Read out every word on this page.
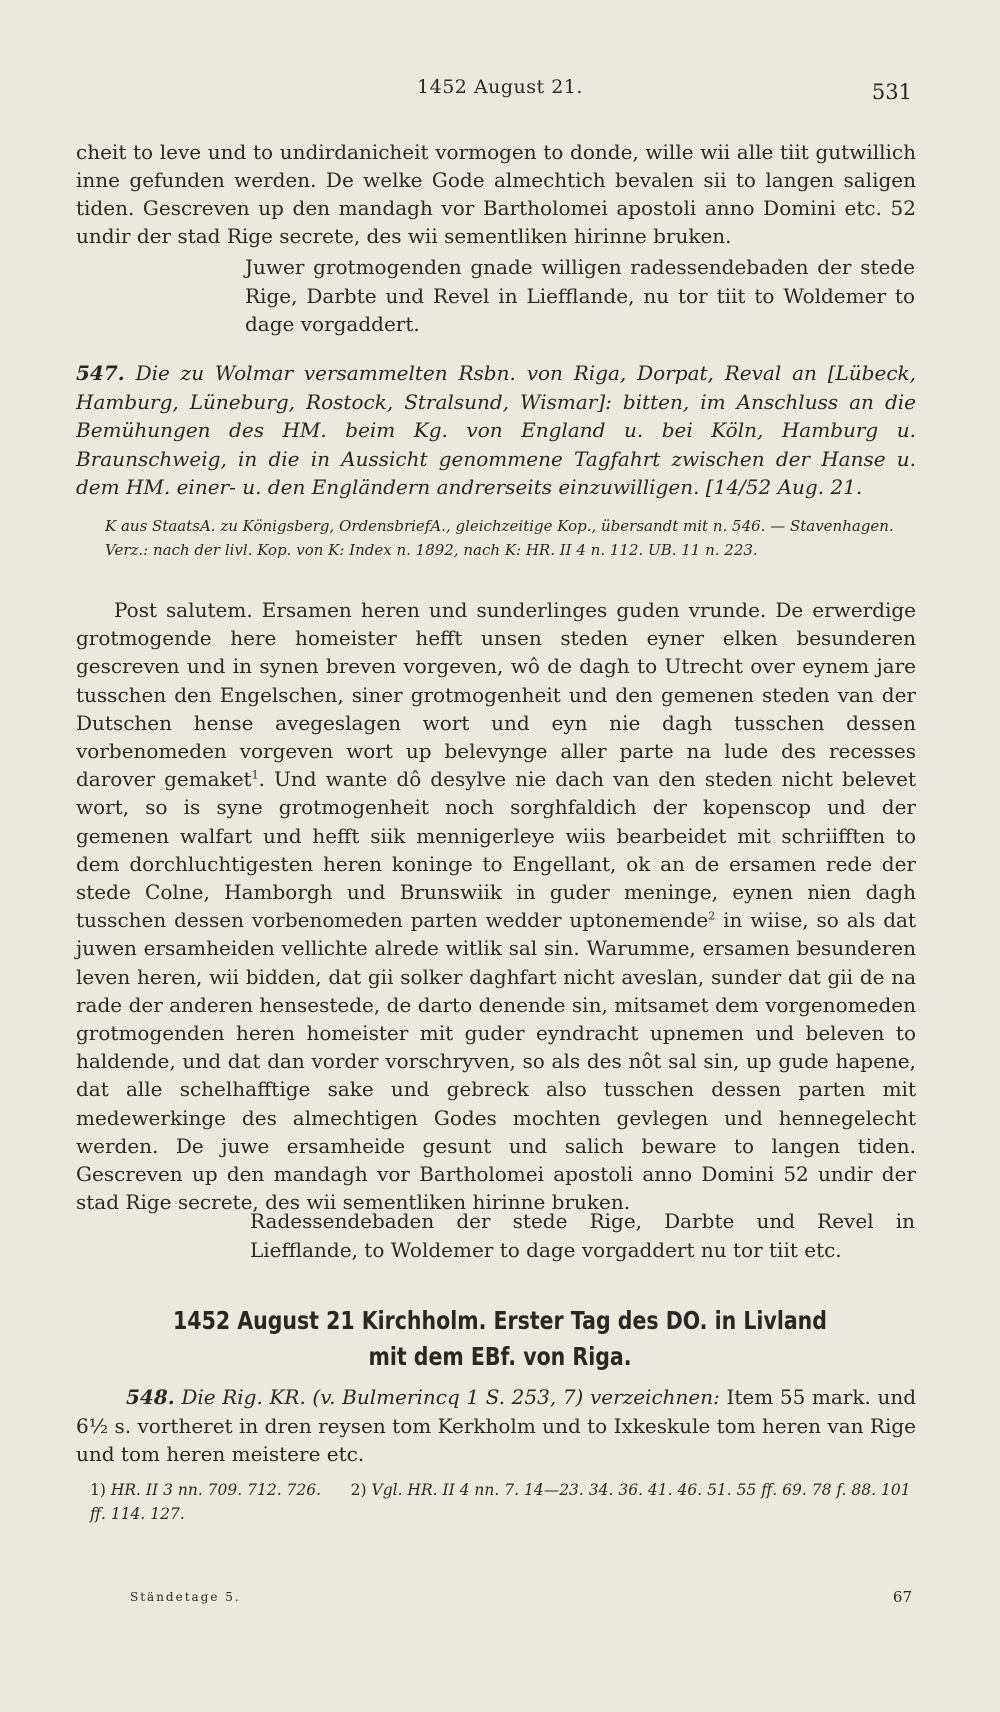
1452 August 21.	531
cheit to leve und to undirdanicheit vormogen to donde, wille wii alle tiit gutwillich inne gefunden werden. De welke Gode almechtich bevalen sii to langen saligen tiden. Gescreven up den mandagh vor Bartholomei apostoli anno Domini etc. 52 undir der stad Rige secrete, des wii sementliken hirinne bruken.
Juwer grotmogenden gnade willigen radessendebaden der stede Rige, Darbte und Revel in Liefflande, nu tor tiit to Woldemer to dage vorgaddert.
547. Die zu Wolmar versammelten Rsbn. von Riga, Dorpat, Reval an [Lübeck, Hamburg, Lüneburg, Rostock, Stralsund, Wismar]: bitten, im Anschluss an die Bemühungen des HM. beim Kg. von England u. bei Köln, Hamburg u. Braunschweig, in die in Aussicht genommene Tagfahrt zwischen der Hanse u. dem HM. einer- u. den Engländern andrerseits einzuwilligen. [14/52 Aug. 21.
K aus StaatsA. zu Königsberg, OrdensbriefA., gleichzeitige Kop., übersandt mit n. 546. — Stavenhagen. Verz.: nach der livl. Kop. von K: Index n. 1892, nach K: HR. II 4 n. 112. UB. 11 n. 223.
Post salutem. Ersamen heren und sunderlinges guden vrunde. De erwerdige grotmogende here homeister hefft unsen steden eyner elken besunderen gescreven und in synen breven vorgeven, wô de dagh to Utrecht over eynem jare tusschen den Engelschen, siner grotmogenheit und den gemenen steden van der Dutschen hense avegeslagen wort und eyn nie dagh tusschen dessen vorbenomeden vorgeven wort up belevynge aller parte na lude des recesses darover gemaket$^1$. Und wante dô desylve nie dach van den steden nicht belevet wort, so is syne grotmogenheit noch sorghfaldich der kopenscop und der gemenen walfart und hefft siik mennigerleye wiis bearbeidet mit schriifften to dem dorchluchtigesten heren koninge to Engellant, ok an de ersamen rede der stede Colne, Hamborgh und Brunswiik in guder meninge, eynen nien dagh tusschen dessen vorbenomeden parten wedder uptonemende$^2$ in wiise, so als dat juwen ersamheiden vellichte alrede witlik sal sin. Warumme, ersamen besunderen leven heren, wii bidden, dat gii solker daghfart nicht aveslan, sunder dat gii de na rade der anderen hensestede, de darto denende sin, mitsamet dem vorgenomeden grotmogenden heren homeister mit guder eyndracht upnemen und beleven to haldende, und dat dan vorder vorschryven, so als des nôt sal sin, up gude hapene, dat alle schelhafftige sake und gebreck also tusschen dessen parten mit medewerkinge des almechtigen Godes mochten gevlegen und hennegelecht werden. De juwe ersamheide gesunt und salich beware to langen tiden. Gescreven up den mandagh vor Bartholomei apostoli anno Domini 52 undir der stad Rige secrete, des wii sementliken hirinne bruken.
Radessendebaden der stede Rige, Darbte und Revel in Liefflande, to Woldemer to dage vorgaddert nu tor tiit etc.
1452 August 21 Kirchholm. Erster Tag des DO. in Livland mit dem EBf. von Riga.
548. Die Rig. KR. (v. Bulmerincq 1 S. 253, 7) verzeichnen: Item 55 mark. und 6½ s. vortheret in dren reysen tom Kerkholm und to Ixkeskule tom heren van Rige und tom heren meistere etc.
1) HR. II 3 nn. 709. 712. 726. 2) Vgl. HR. II 4 nn. 7. 14—23. 34. 36. 41. 46. 51. 55 ff. 69. 78 f. 88. 101 ff. 114. 127.
Ständetage 5.	67
